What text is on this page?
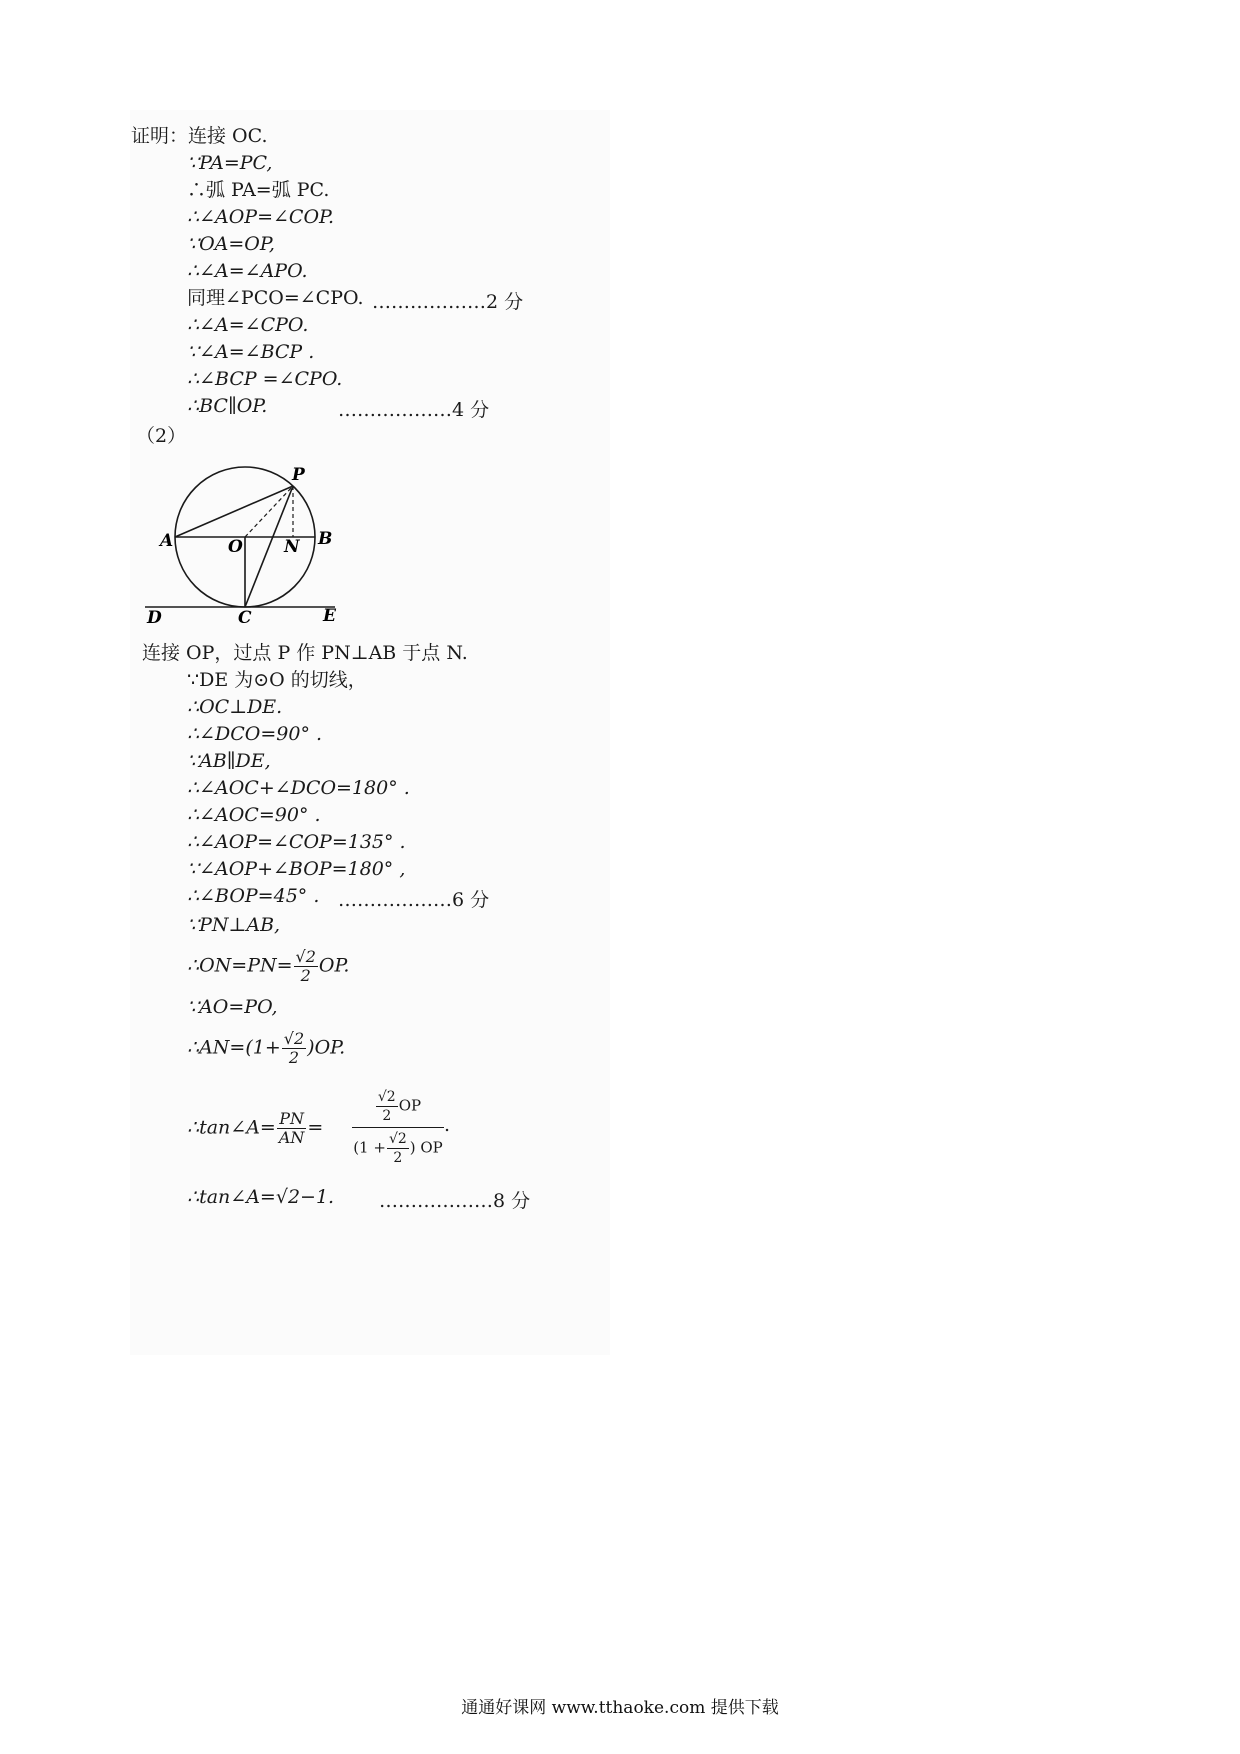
证明：连接 OC.
∵PA=PC,
∴弧 PA=弧 PC.
∴∠AOP=∠COP.
∵OA=OP,
∴∠A=∠APO.
同理∠PCO=∠CPO. ………………2 分
∴∠A=∠CPO.
∵∠A=∠BCP .
∴∠BCP =∠CPO.
∴BC∥OP.	………………4 分
（2）
P
A	O N B
D	C	E
连接 OP，过点 P 作 PN⊥AB 于点 N.
∵DE 为⊙O 的切线，
∴OC⊥DE.
∴∠DCO=90° .
∵AB∥DE,
∴∠AOC+∠DCO=180° .
∴∠AOC=90° .
∴∠AOP=∠COP=135° .
∵∠AOP+∠BOP=180° ,
∴∠BOP=45° . ………………6 分
∵PN⊥AB,
∴ON=PN= $\frac{√2}{2}$ OP.
∵AO=PO,
∴AN=(1+ $\frac{√2}{2} )OP$.
∴tan∠A= $\frac{PN}{AN}$ =
$\frac{√2}{2}$ OP
($1 + \frac{√2}{2}$ ) OP
.
∴tan∠A=√2−1. ………………8 分
通通好课网 www.tthaoke.com 提供下载
